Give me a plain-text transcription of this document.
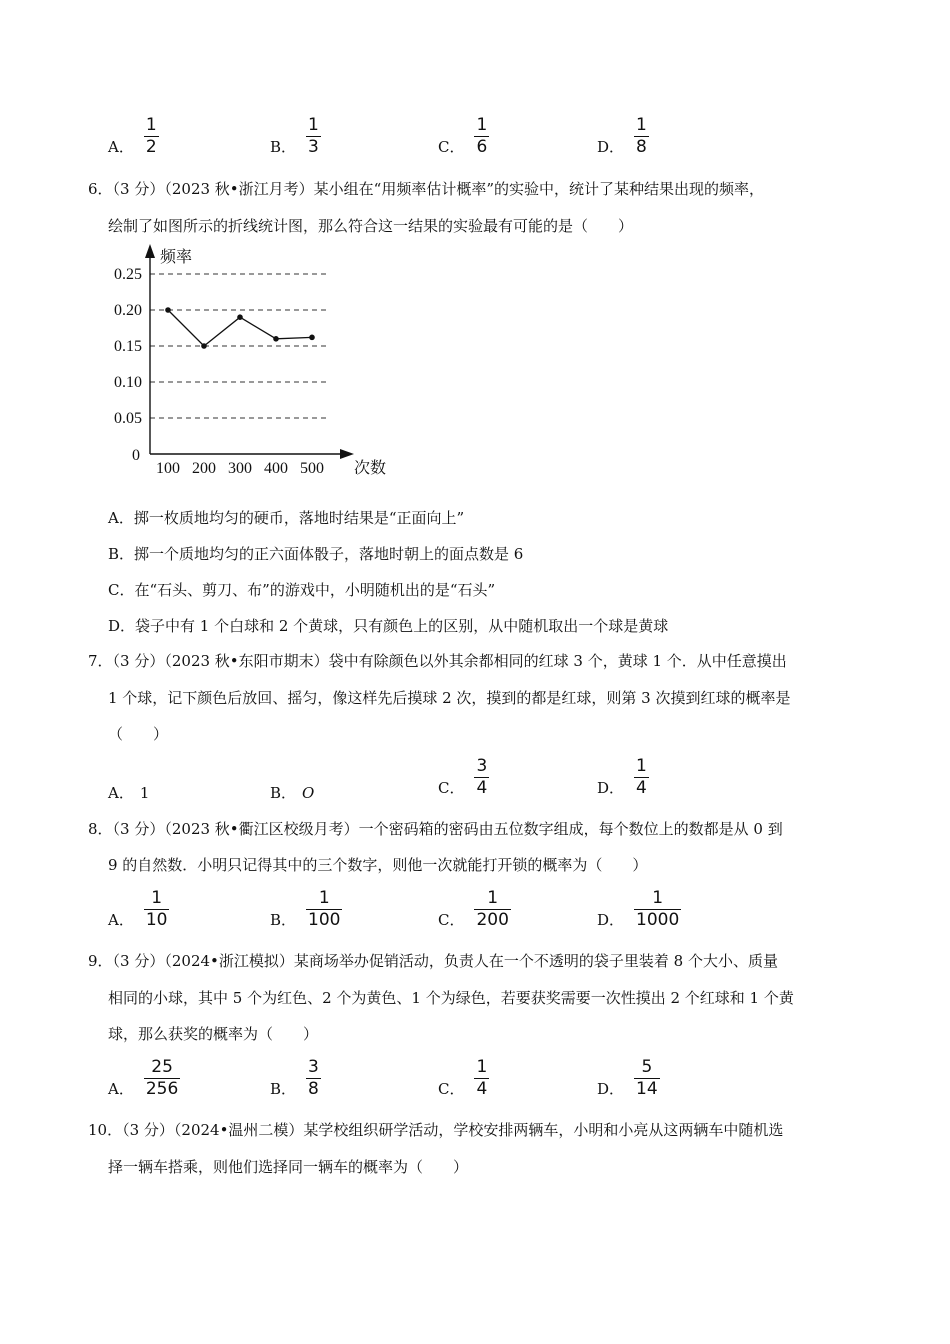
A． $\frac{1}{2}$	B． $\frac{1}{3}$	C． $\frac{1}{6}$	D． $\frac{1}{8}$
6．（3 分）（2023 秋•浙江月考）某小组在“用频率估计概率”的实验中，统计了某种结果出现的频率，
绘制了如图所示的折线统计图，那么符合这一结果的实验最有可能的是（　　）
0.25
0.20
0.15
0.10
0.05
0
频率
次数
100 200 300 400 500
A．掷一枚质地均匀的硬币，落地时结果是“正面向上”
B．掷一个质地均匀的正六面体骰子，落地时朝上的面点数是 6
C．在“石头、剪刀、布”的游戏中，小明随机出的是“石头”
D．袋子中有 1 个白球和 2 个黄球，只有颜色上的区别，从中随机取出一个球是黄球
7．（3 分）（2023 秋•东阳市期末）袋中有除颜色以外其余都相同的红球 3 个，黄球 1 个．从中任意摸出
1 个球，记下颜色后放回、摇匀，像这样先后摸球 2 次，摸到的都是红球，则第 3 次摸到红球的概率是
（　　）
A． 1	B． O	C． $\frac{3}{4}$	D． $\frac{1}{4}$
8．（3 分）（2023 秋•衢江区校级月考）一个密码箱的密码由五位数字组成，每个数位上的数都是从 0 到
9 的自然数．小明只记得其中的三个数字，则他一次就能打开锁的概率为（　　）
A． $\frac{1}{10}$	B． $\frac{1}{100}$	C． $\frac{1}{200}$	D． $\frac{1}{1000}$
9．（3 分）（2024•浙江模拟）某商场举办促销活动，负责人在一个不透明的袋子里装着 8 个大小、质量
相同的小球，其中 5 个为红色、2 个为黄色、1 个为绿色，若要获奖需要一次性摸出 2 个红球和 1 个黄
球，那么获奖的概率为（　　）
A． $\frac{25}{256}$	B． $\frac{3}{8}$	C． $\frac{1}{4}$	D． $\frac{5}{14}$
10．（3 分）（2024•温州二模）某学校组织研学活动，学校安排两辆车，小明和小亮从这两辆车中随机选
择一辆车搭乘，则他们选择同一辆车的概率为（　　）
